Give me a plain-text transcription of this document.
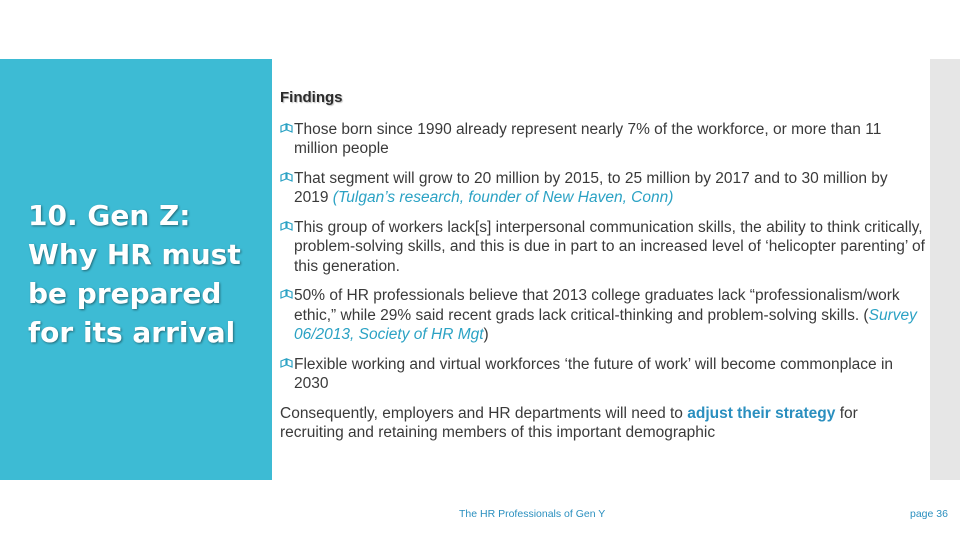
10. Gen Z: Why HR must be prepared for its arrival
Findings
Those born since 1990 already represent nearly 7% of the workforce, or more than 11 million people
That segment will grow to 20 million by 2015, to 25 million by 2017 and to 30 million by 2019 (Tulgan’s research, founder of New Haven, Conn)
This group of workers lack[s] interpersonal communication skills, the ability to think critically, problem-solving skills, and this is due in part to an increased level of ‘helicopter parenting’ of this generation.
50% of HR professionals believe that 2013 college graduates lack “professionalism/work ethic,” while 29% said recent grads lack critical-thinking and problem-solving skills. (Survey 06/2013, Society of HR Mgt)
Flexible working and virtual workforces ‘the future of work’ will become commonplace in 2030
Consequently, employers and HR departments will need to adjust their strategy for recruiting and retaining members of this important demographic
The HR Professionals of Gen Y	page 36
